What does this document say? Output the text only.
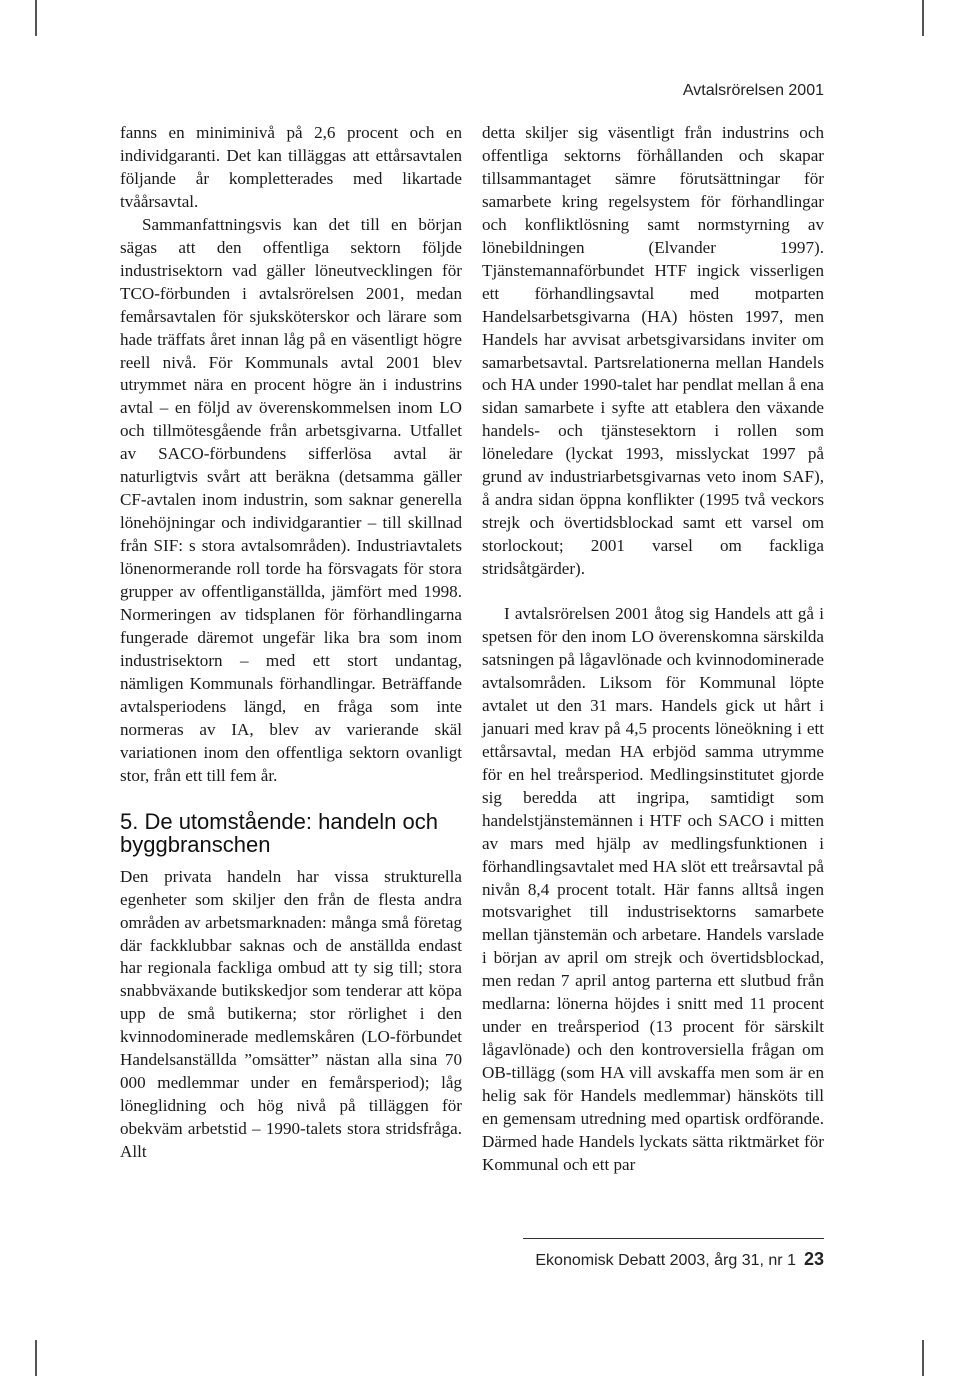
Avtalsrörelsen 2001

fanns en miniminivå på 2,6 procent och en individgaranti. Det kan tilläggas att ettårsavtalen följande år kompletterades med likartade tvåårsavtal.

Sammanfattningsvis kan det till en början sägas att den offentliga sektorn följde industrisektorn vad gäller löneutvecklingen för TCO-förbunden i avtalsrörelsen 2001, medan femårsavtalen för sjuksköterskor och lärare som hade träffats året innan låg på en väsentligt högre reell nivå. För Kommunals avtal 2001 blev utrymmet nära en procent högre än i industrins avtal – en följd av överenskommelsen inom LO och tillmötesgående från arbetsgivarna. Utfallet av SACO-förbundens sifferlösa avtal är naturligtvis svårt att beräkna (detsamma gäller CF-avtalen inom industrin, som saknar generella lönehöjningar och individgarantier – till skillnad från SIF: s stora avtalsområden). Industriavtalets lönenormerande roll torde ha försvagats för stora grupper av offentliganställda, jämfört med 1998. Normeringen av tidsplanen för förhandlingarna fungerade däremot ungefär lika bra som inom industrisektorn – med ett stort undantag, nämligen Kommunals förhandlingar. Beträffande avtalsperiodens längd, en fråga som inte normeras av IA, blev av varierande skäl variationen inom den offentliga sektorn ovanligt stor, från ett till fem år.

5. De utomstående: handeln och byggbranschen

Den privata handeln har vissa strukturella egenheter som skiljer den från de flesta andra områden av arbetsmarknaden: många små företag där fackklubbar saknas och de anställda endast har regionala fackliga ombud att ty sig till; stora snabbväxande butikskedjor som tenderar att köpa upp de små butikerna; stor rörlighet i den kvinnodominerade medlemskåren (LO-förbundet Handelsanställda ”omsätter” nästan alla sina 70 000 medlemmar under en femårsperiod); låg löneglidning och hög nivå på tilläggen för obekväm arbetstid – 1990-talets stora stridsfråga. Allt

detta skiljer sig väsentligt från industrins och offentliga sektorns förhållanden och skapar tillsammantaget sämre förutsättningar för samarbete kring regelsystem för förhandlingar och konfliktlösning samt normstyrning av lönebildningen (Elvander 1997). Tjänstemannaförbundet HTF ingick visserligen ett förhandlingsavtal med motparten Handelsarbetsgivarna (HA) hösten 1997, men Handels har avvisat arbetsgivarsidans inviter om samarbetsavtal. Partsrelationerna mellan Handels och HA under 1990-talet har pendlat mellan å ena sidan samarbete i syfte att etablera den växande handels- och tjänstesektorn i rollen som löneledare (lyckat 1993, misslyckat 1997 på grund av industriarbetsgivarnas veto inom SAF), å andra sidan öppna konflikter (1995 två veckors strejk och övertidsblockad samt ett varsel om storlockout; 2001 varsel om fackliga stridsåtgärder).

I avtalsrörelsen 2001 åtog sig Handels att gå i spetsen för den inom LO överenskomna särskilda satsningen på lågavlönade och kvinnodominerade avtalsområden. Liksom för Kommunal löpte avtalet ut den 31 mars. Handels gick ut hårt i januari med krav på 4,5 procents löneökning i ett ettårsavtal, medan HA erbjöd samma utrymme för en hel treårsperiod. Medlingsinstitutet gjorde sig beredda att ingripa, samtidigt som handelstjänstemännen i HTF och SACO i mitten av mars med hjälp av medlingsfunktionen i förhandlingsavtalet med HA slöt ett treårsavtal på nivån 8,4 procent totalt. Här fanns alltså ingen motsvarighet till industrisektorns samarbete mellan tjänstemän och arbetare. Handels varslade i början av april om strejk och övertidsblockad, men redan 7 april antog parterna ett slutbud från medlarna: lönerna höjdes i snitt med 11 procent under en treårsperiod (13 procent för särskilt lågavlönade) och den kontroversiella frågan om OB-tillägg (som HA vill avskaffa men som är en helig sak för Handels medlemmar) hänsköts till en gemensam utredning med opartisk ordförande. Därmed hade Handels lyckats sätta riktmärket för Kommunal och ett par

Ekonomisk Debatt 2003, årg 31, nr 1 23
